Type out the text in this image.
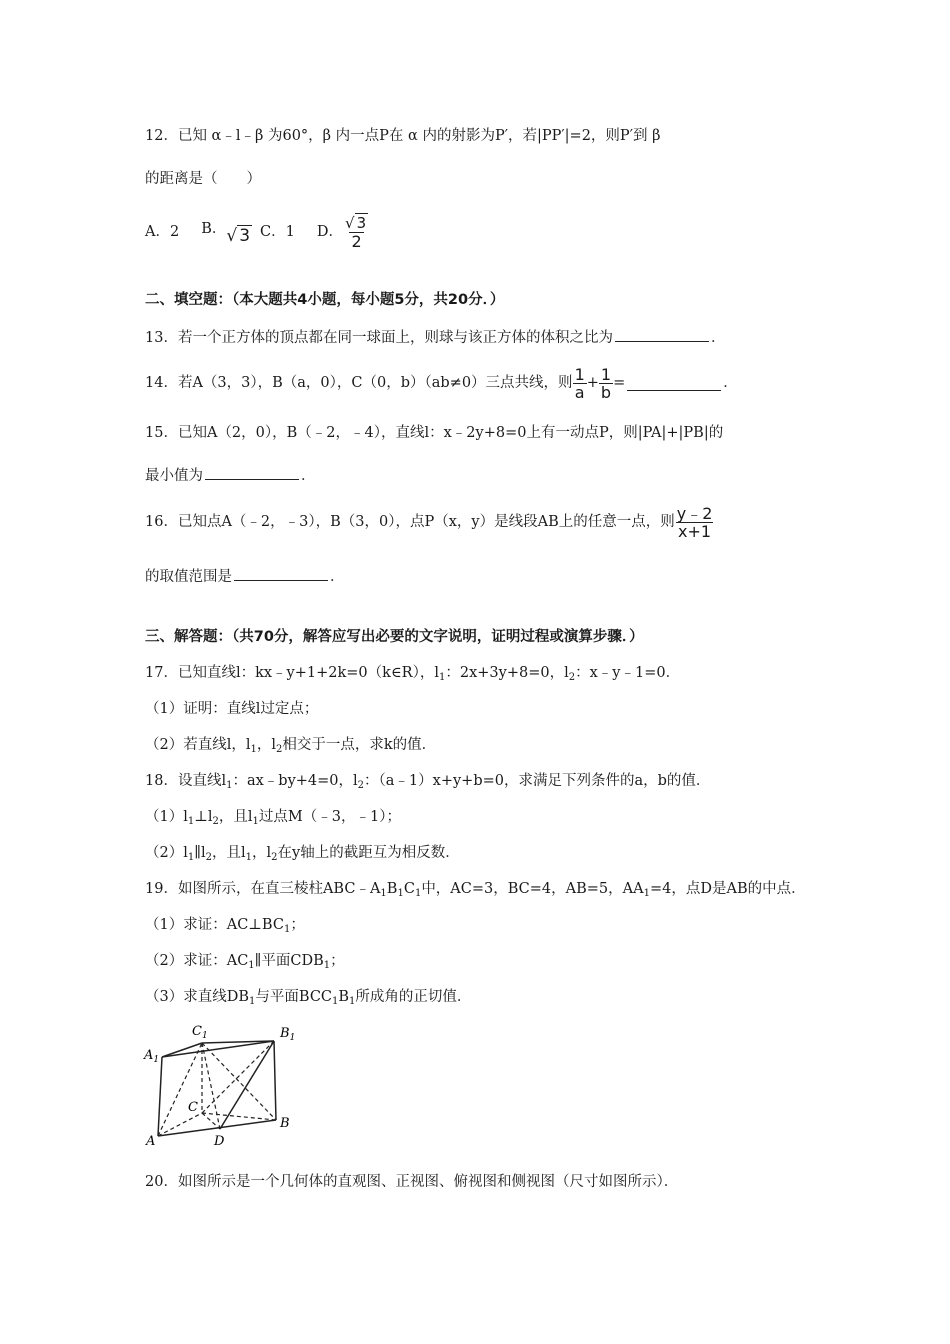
12．已知 α﹣l﹣β 为60°，β 内一点P在 α 内的射影为P′，若|PP′|=2，则P′到 β
的距离是（　　）
A．2 B．√ 3 C．1 D． $\frac{√ 3}{2}$
二、填空题：（本大题共4小题，每小题5分，共20分．）
13．若一个正方体的顶点都在同一球面上，则球与该正方体的体积之比为	．
14．若A（3，3），B（a，0），C（0，b）（ab≠0）三点共线，则 $\frac{1}{a} + \frac{1}{b}$ =	．
15．已知A（2，0），B（﹣2，﹣4），直线l：x﹣2y+8=0上有一动点P，则|PA|+|PB|的
最小值为	．
16．已知点A（﹣2，﹣3），B（3，0），点P（x，y）是线段AB上的任意一点，则 $\frac{y﹣2}{x+1}$
的取值范围是	．
三、解答题：（共70分，解答应写出必要的文字说明，证明过程或演算步骤．）
17．已知直线l：kx﹣y+1+2k=0（k∈R），$l_1$：2x+3y+8=0，$l_2$：x﹣y﹣1=0．
（1）证明：直线l过定点；
（2）若直线l，$l_1$，$l_2$相交于一点，求k的值．
18．设直线$l_1$：ax﹣by+4=0，$l_2$：（a﹣1）x+y+b=0，求满足下列条件的a，b的值．
$(1)l_1\perp l_2$，且$l_1$过点M（﹣3，﹣1）；
$(2)l_1\parallel l_2$，且$l_1$，$l_2$在y轴上的截距互为相反数．
19．如图所示，在直三棱柱$ABC﹣A_1B_1C_1$中，AC=3，BC=4，AB=5，$AA_1=4$，点D是AB的中点．
（1）求证：$AC\perp BC_1$；
（2）求证：$AC_1\parallel$平面$CDB_1$；
（3）求直线$DB_1$与平面$BCC_1B_1$所成角的正切值．
$C_1$	$B_1$
$A_1$
C
B
A	D
20．如图所示是一个几何体的直观图、正视图、俯视图和侧视图（尺寸如图所示）．
